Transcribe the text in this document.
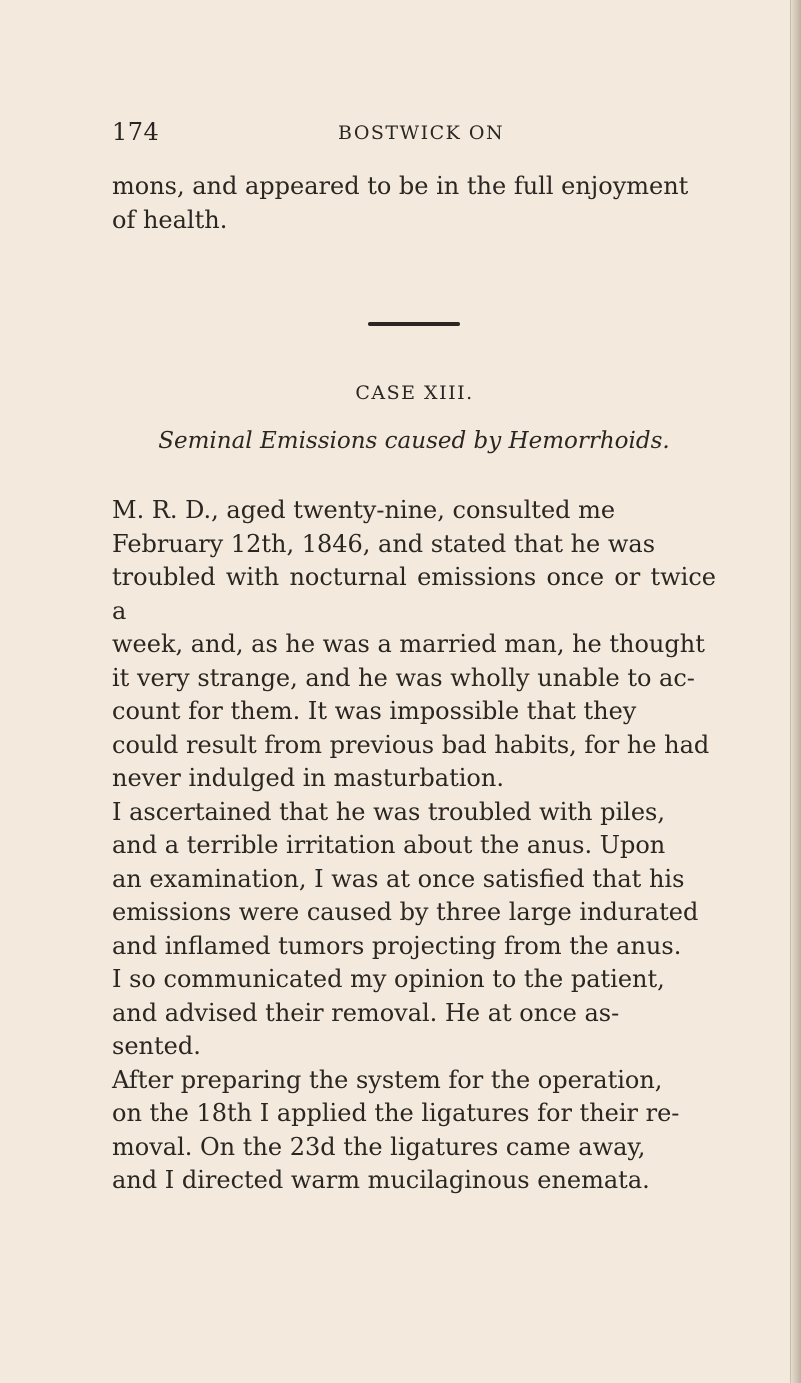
174	BOSTWICK ON

mons, and appeared to be in the full enjoyment
of health.

CASE XIII.
Seminal Emissions caused by Hemorrhoids.

M. R. D., aged twenty-nine, consulted me
February 12th, 1846, and stated that he was
troubled with nocturnal emissions once or twice a
week, and, as he was a married man, he thought
it very strange, and he was wholly unable to ac-
count for them. It was impossible that they
could result from previous bad habits, for he had
never indulged in masturbation.

I ascertained that he was troubled with piles,
and a terrible irritation about the anus. Upon
an examination, I was at once satisfied that his
emissions were caused by three large indurated
and inflamed tumors projecting from the anus.
I so communicated my opinion to the patient,
and advised their removal. He at once as-
sented.

After preparing the system for the operation,
on the 18th I applied the ligatures for their re-
moval. On the 23d the ligatures came away,
and I directed warm mucilaginous enemata.
